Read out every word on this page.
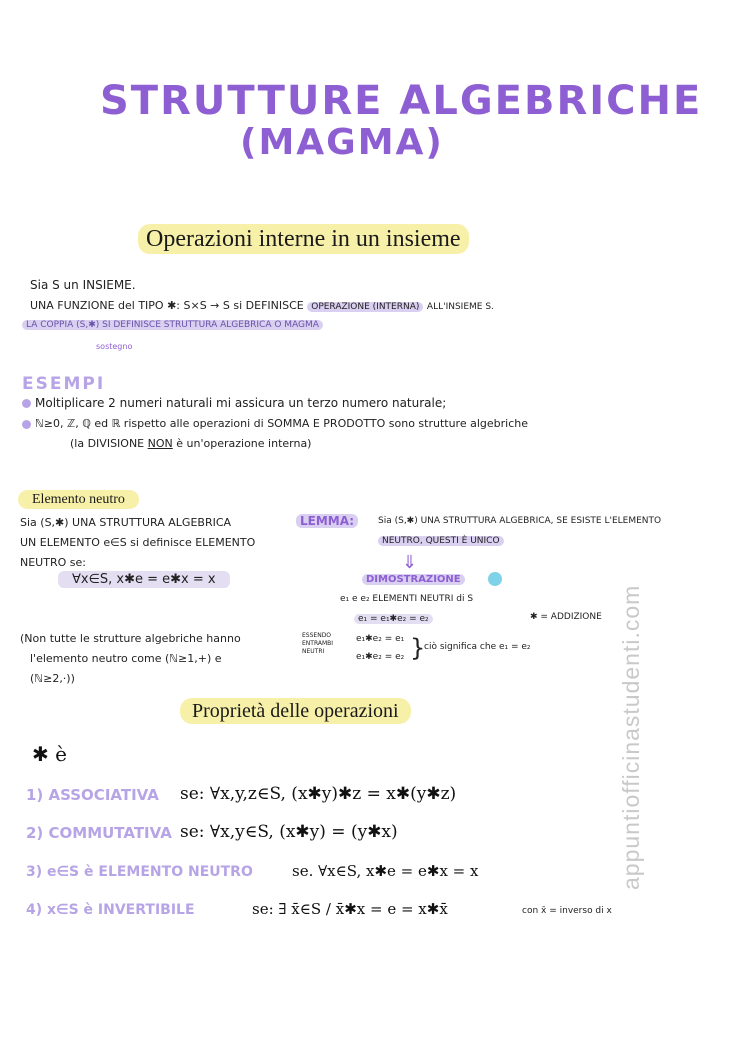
STRUTTURE ALGEBRICHE
(MAGMA)
Operazioni interne in un insieme
Sia S un INSIEME.
UNA FUNZIONE del TIPO ✱: S×S → S si DEFINISCE OPERAZIONE (INTERNA) ALL'INSIEME S.
LA COPPIA (S,✱) SI DEFINISCE STRUTTURA ALGEBRICA O MAGMA
sostegno
ESEMPI
Moltiplicare 2 numeri naturali mi assicura un terzo numero naturale;
ℕ≥0, ℤ, ℚ ed ℝ rispetto alle operazioni di SOMMA E PRODOTTO sono strutture algebriche
(la DIVISIONE NON è un'operazione interna)
Elemento neutro
Sia (S,✱) UNA STRUTTURA ALGEBRICA
UN ELEMENTO e∈S si definisce ELEMENTO
NEUTRO se:
∀x∈S, x✱e = e✱x = x
(Non tutte le strutture algebriche hanno
l'elemento neutro come (ℕ≥1,+) e
(ℕ≥2,·))
LEMMA:	Sia (S,✱) UNA STRUTTURA ALGEBRICA, SE ESISTE L'ELEMENTO
NEUTRO, QUESTI È UNICO
⇓
DIMOSTRAZIONE
e₁ e e₂ ELEMENTI NEUTRI di S
e₁ = e₁✱e₂ = e₂
ESSENDO ENTRAMBI NEUTRI
e₁✱e₂ = e₁
e₁✱e₂ = e₂ }
ciò significa che e₁ = e₂
✱ = ADDIZIONE
Proprietà delle operazioni
✱ è
1) ASSOCIATIVA se: ∀x,y,z∈S, (x✱y)✱z = x✱(y✱z)
2) COMMUTATIVA se: ∀x,y∈S, (x✱y) = (y✱x)
3) e∈S è ELEMENTO NEUTRO	se. ∀x∈S, x✱e = e✱x = x
4) x∈S è INVERTIBILE	se: ∃ x̄∈S / x̄✱x = e = x✱x̄	con x̄ = inverso di x
appuntiofficinastudenti.com
